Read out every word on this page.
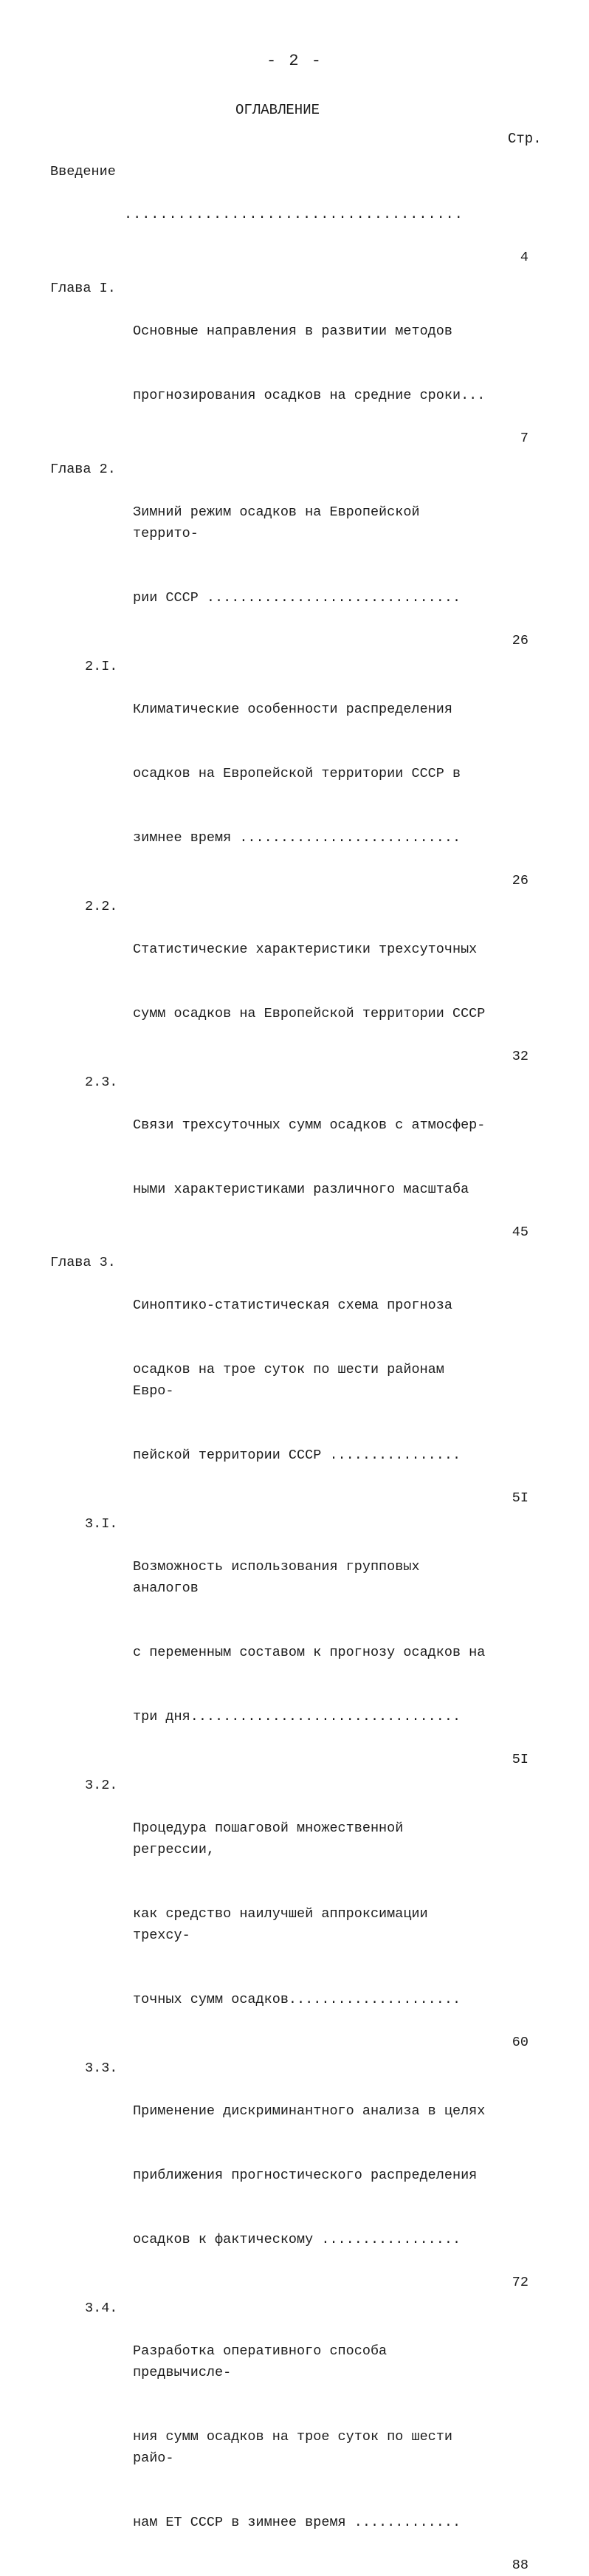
- 2 -
ОГЛАВЛЕНИЕ
Стр.
Введение

......................................

4
Глава I.

Основные направления в развитии методов

прогнозирования осадков на средние сроки...

7
Глава 2.

Зимний режим осадков на Европейской террито-

рии СССР ...............................

26
2.I.

Климатические особенности распределения

осадков на Европейской территории СССР в

зимнее время ...........................

26
2.2.

Статистические характеристики трехсуточных

сумм осадков на Европейской территории СССР

32
2.3.

Связи трехсуточных сумм осадков с атмосфер-

ными характеристиками различного масштаба

45
Глава 3.

Синоптико-статистическая схема прогноза

осадков на трое суток по шести районам Евро-

пейской территории СССР ................

5I
3.I.

Возможность использования групповых аналогов

с переменным составом к прогнозу осадков на

три дня.................................

5I
3.2.

Процедура пошаговой множественной регрессии,

как средство наилучшей аппроксимации трехсу-

точных сумм осадков.....................

60
3.3.

Применение дискриминантного анализа в целях

приближения прогностического распределения

осадков к фактическому .................

72
3.4.

Разработка оперативного способа предвычисле-

ния сумм осадков на трое суток по шести райо-

нам ЕТ СССР в зимнее время .............

88
